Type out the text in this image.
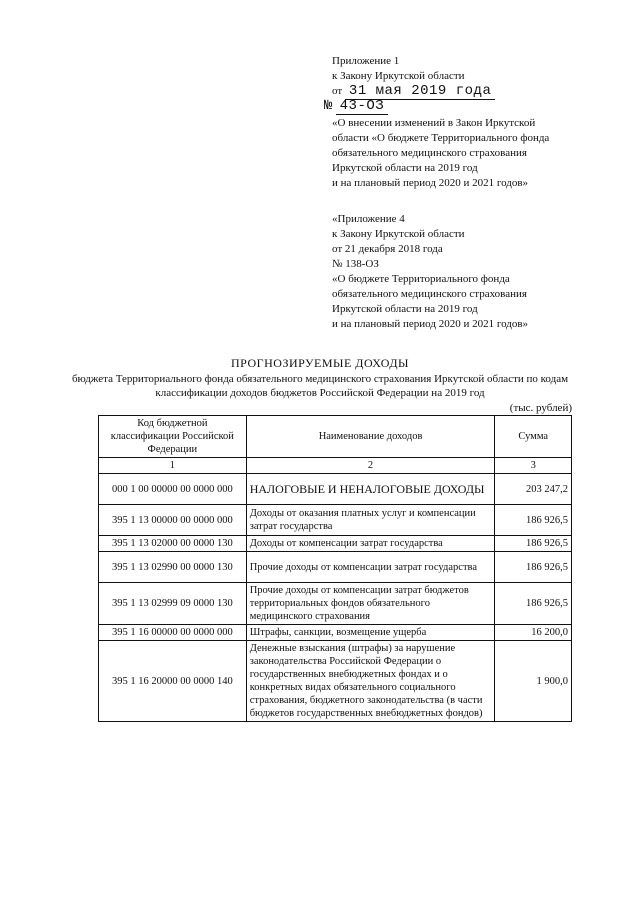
Приложение 1
к Закону Иркутской области
от 31 мая 2019 года
№ 43-ОЗ
«О внесении изменений в Закон Иркутской
области «О бюджете Территориального фонда
обязательного медицинского страхования
Иркутской области на 2019 год
и на плановый период 2020 и 2021 годов»
«Приложение 4
к Закону Иркутской области
от 21 декабря 2018 года
№ 138-ОЗ
«О бюджете Территориального фонда
обязательного медицинского страхования
Иркутской области на 2019 год
и на плановый период 2020 и 2021 годов»
ПРОГНОЗИРУЕМЫЕ ДОХОДЫ
бюджета Территориального фонда обязательного медицинского страхования Иркутской области по кодам классификации доходов бюджетов Российской Федерации на 2019 год
(тыс. рублей)
Код бюджетной классификации Российской Федерации	Наименование доходов	Сумма
1	2	3
000 1 00 00000 00 0000 000	НАЛОГОВЫЕ И НЕНАЛОГОВЫЕ ДОХОДЫ	203 247,2
395 1 13 00000 00 0000 000	Доходы от оказания платных услуг и компенсации затрат государства	186 926,5
395 1 13 02000 00 0000 130	Доходы от компенсации затрат государства	186 926,5
395 1 13 02990 00 0000 130	Прочие доходы от компенсации затрат государства	186 926,5
395 1 13 02999 09 0000 130	Прочие доходы от компенсации затрат бюджетов территориальных фондов обязательного медицинского страхования	186 926,5
395 1 16 00000 00 0000 000	Штрафы, санкции, возмещение ущерба	16 200,0
395 1 16 20000 00 0000 140	Денежные взыскания (штрафы) за нарушение законодательства Российской Федерации о государственных внебюджетных фондах и о конкретных видах обязательного социального страхования, бюджетного законодательства (в части бюджетов государственных внебюджетных фондов)	1 900,0
